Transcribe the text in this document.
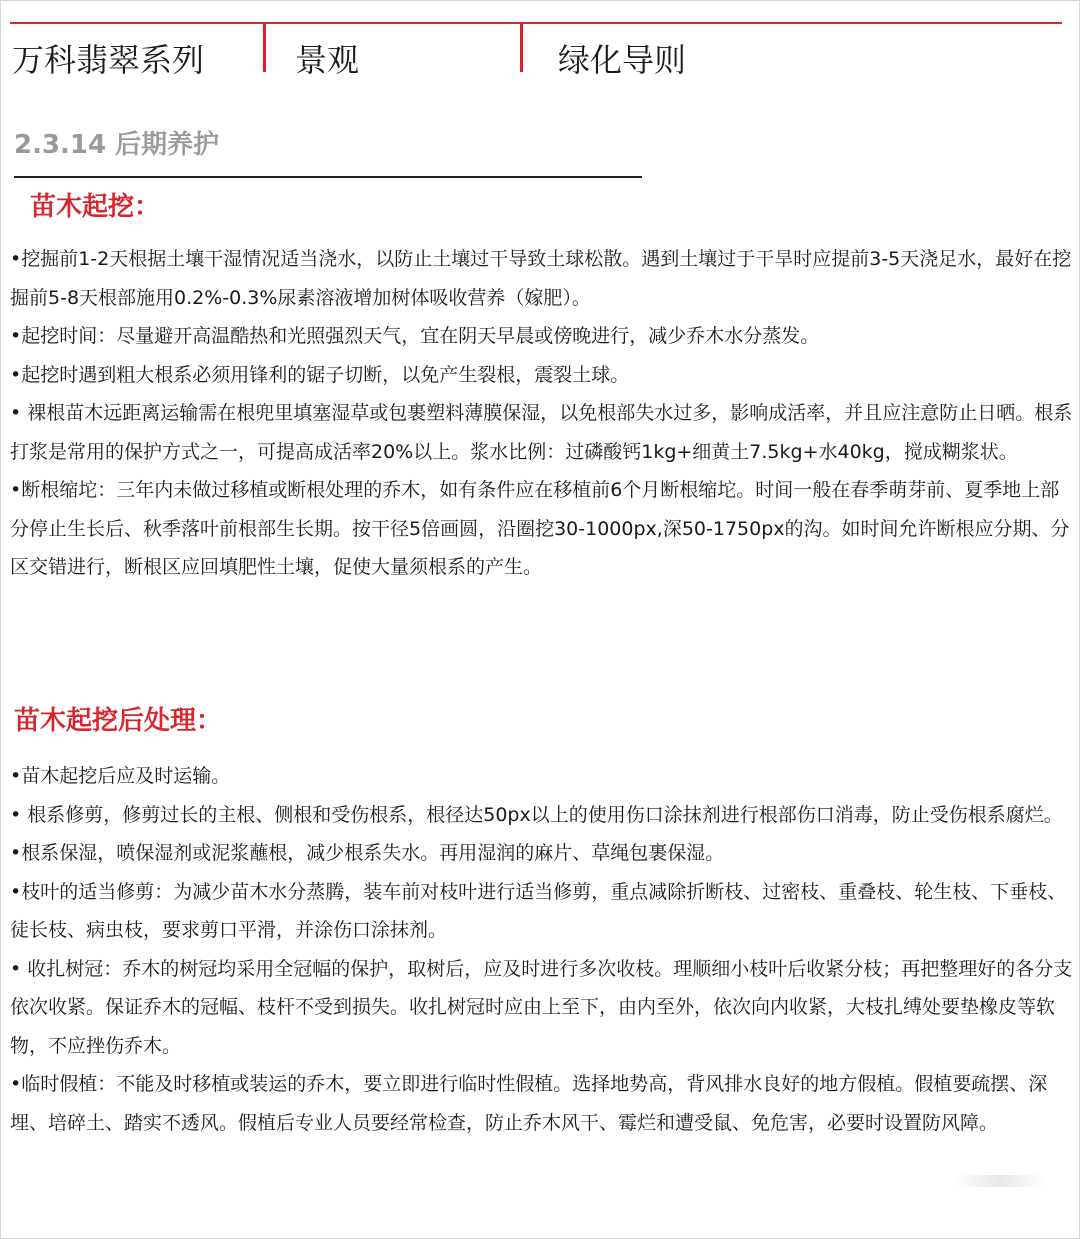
万科翡翠系列	景观	绿化导则
2.3.14 后期养护
苗木起挖：

•挖掘前1-2天根据土壤干湿情况适当浇水，以防止土壤过干导致土球松散。遇到土壤过于干旱时应提前3-5天浇足水，最好在挖掘前5-8天根部施用0.2%-0.3%尿素溶液增加树体吸收营养（嫁肥）。

•起挖时间：尽量避开高温酷热和光照强烈天气，宜在阴天早晨或傍晚进行，减少乔木水分蒸发。

•起挖时遇到粗大根系必须用锋利的锯子切断，以免产生裂根，震裂土球。

• 裸根苗木远距离运输需在根兜里填塞湿草或包裹塑料薄膜保湿，以免根部失水过多，影响成活率，并且应注意防止日晒。根系打浆是常用的保护方式之一，可提高成活率20%以上。浆水比例：过磷酸钙1kg+细黄土7.5kg+水40kg，搅成糊浆状。

•断根缩坨：三年内未做过移植或断根处理的乔木，如有条件应在移植前6个月断根缩坨。时间一般在春季萌芽前、夏季地上部分停止生长后、秋季落叶前根部生长期。按干径5倍画圆，沿圈挖30-1000px,深50-1750px的沟。如时间允许断根应分期、分区交错进行，断根区应回填肥性土壤，促使大量须根系的产生。

苗木起挖后处理：

•苗木起挖后应及时运输。

• 根系修剪，修剪过长的主根、侧根和受伤根系，根径达50px以上的使用伤口涂抹剂进行根部伤口消毒，防止受伤根系腐烂。

•根系保湿，喷保湿剂或泥浆蘸根，减少根系失水。再用湿润的麻片、草绳包裹保湿。

•枝叶的适当修剪：为减少苗木水分蒸腾，装车前对枝叶进行适当修剪，重点减除折断枝、过密枝、重叠枝、轮生枝、下垂枝、徒长枝、病虫枝，要求剪口平滑，并涂伤口涂抹剂。

• 收扎树冠：乔木的树冠均采用全冠幅的保护，取树后，应及时进行多次收枝。理顺细小枝叶后收紧分枝；再把整理好的各分支依次收紧。保证乔木的冠幅、枝杆不受到损失。收扎树冠时应由上至下，由内至外，依次向内收紧，大枝扎缚处要垫橡皮等软物，不应挫伤乔木。

•临时假植：不能及时移植或装运的乔木，要立即进行临时性假植。选择地势高，背风排水良好的地方假植。假植要疏摆、深埋、培碎土、踏实不透风。假植后专业人员要经常检查，防止乔木风干、霉烂和遭受鼠、免危害，必要时设置防风障。
